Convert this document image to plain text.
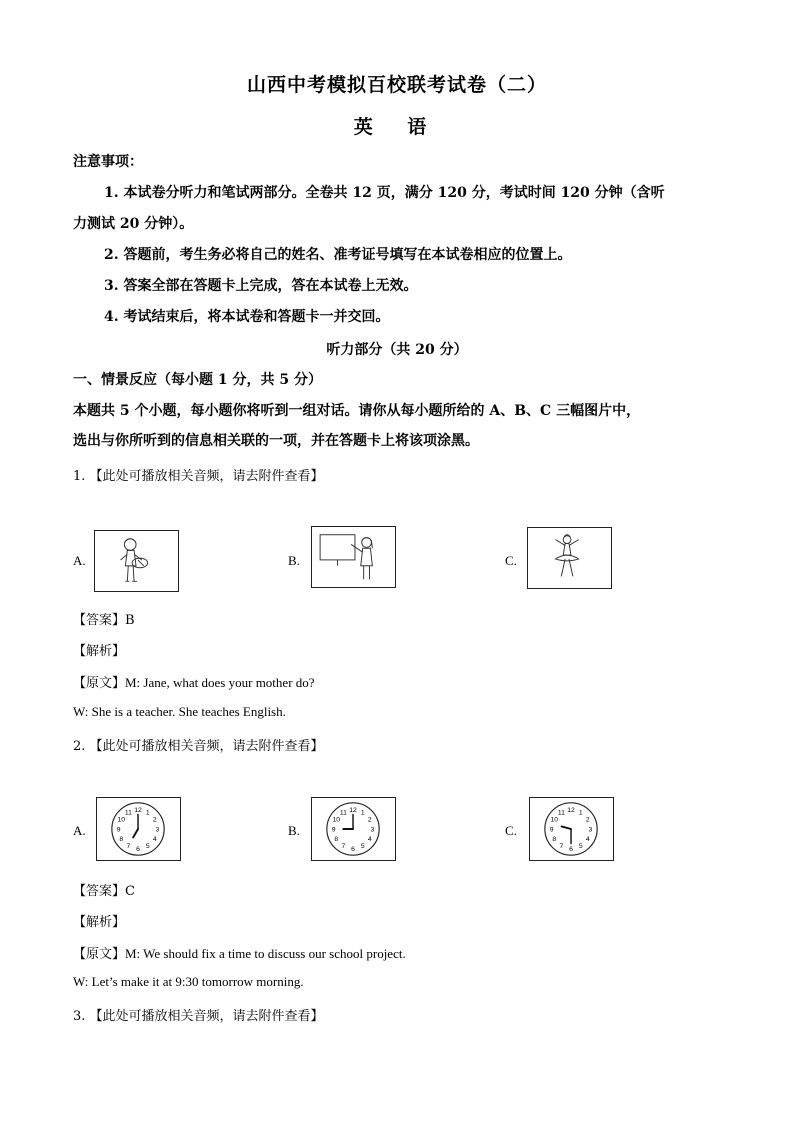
山西中考模拟百校联考试卷（二）
英 语
注意事项：
1. 本试卷分听力和笔试两部分。全卷共 12 页，满分 120 分，考试时间 120 分钟（含听
力测试 20 分钟）。
2. 答题前，考生务必将自己的姓名、准考证号填写在本试卷相应的位置上。
3. 答案全部在答题卡上完成，答在本试卷上无效。
4. 考试结束后，将本试卷和答题卡一并交回。
听力部分（共 20 分）
一、情景反应（每小题 1 分，共 5 分）
本题共 5 个小题，每小题你将听到一组对话。请你从每小题所给的 A、B、C 三幅图片中，
选出与你所听到的信息相关联的一项，并在答题卡上将该项涂黑。
1. 【此处可播放相关音频，请去附件查看】
A.	B.	C.
【答案】B
【解析】
【原文】M: Jane, what does your mother do?
W: She is a teacher. She teaches English.
2. 【此处可播放相关音频，请去附件查看】
A.
1
2
3
4
5
6
7
8
9
10
11 12
B.
1
2
3
4
5
6
7
8
9
10
11 12
C.
1
2
3
4
5
6
7
8
9
10
11 12
【答案】C
【解析】
【原文】M: We should fix a time to discuss our school project.
W: Let’s make it at 9:30 tomorrow morning.
3. 【此处可播放相关音频，请去附件查看】
